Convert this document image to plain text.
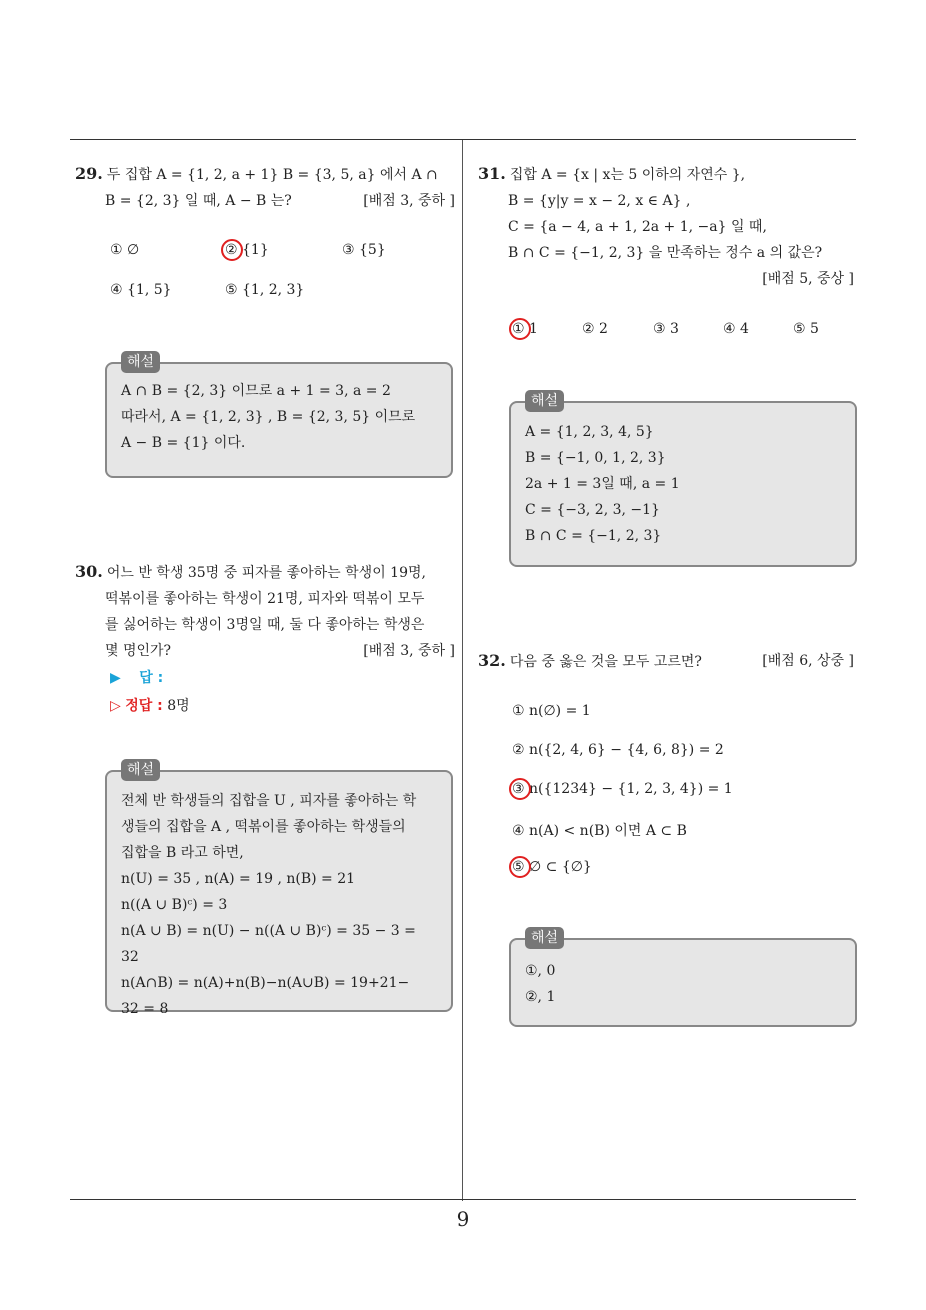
9
29. 두 집합 A = {1, 2, a + 1} B = {3, 5, a} 에서 A ∩
B = {2, 3} 일 때, A − B 는?	[배점 3, 중하 ]
① ∅	② {1}	③ {5}
④ {1, 5}	⑤ {1, 2, 3}
해설
A ∩ B = {2, 3} 이므로 a + 1 = 3, a = 2
따라서, A = {1, 2, 3} , B = {2, 3, 5} 이므로
A − B = {1} 이다.
30. 어느 반 학생 35명 중 피자를 좋아하는 학생이 19명,
떡볶이를 좋아하는 학생이 21명, 피자와 떡볶이 모두
를 싫어하는 학생이 3명일 때, 둘 다 좋아하는 학생은
몇 명인가?	[배점 3, 중하 ]
▶ 답 :
▷ 정답 : 8명
해설
전체 반 학생들의 집합을 U , 피자를 좋아하는 학
생들의 집합을 A , 떡볶이를 좋아하는 학생들의
집합을 B 라고 하면,
n(U) = 35 , n(A) = 19 , n(B) = 21
n((A ∪ B)ᶜ) = 3
n(A ∪ B) = n(U) − n((A ∪ B)ᶜ) = 35 − 3 = 32
n(A∩B) = n(A)+n(B)−n(A∪B) = 19+21−
32 = 8
31. 집합 A = {x | x는 5 이하의 자연수 },
B = {y|y = x − 2, x ∈ A} ,
C = {a − 4, a + 1, 2a + 1, −a} 일 때,
B ∩ C = {−1, 2, 3} 을 만족하는 정수 a 의 값은?
[배점 5, 중상 ]
① 1	② 2	③ 3	④ 4	⑤ 5
해설
A = {1, 2, 3, 4, 5}
B = {−1, 0, 1, 2, 3}
2a + 1 = 3일 때, a = 1
C = {−3, 2, 3, −1}
B ∩ C = {−1, 2, 3}
32. 다음 중 옳은 것을 모두 고르면?	[배점 6, 상중 ]
① n(∅) = 1
② n({2, 4, 6} − {4, 6, 8}) = 2
③ n({1234} − {1, 2, 3, 4}) = 1
④ n(A) < n(B) 이면 A ⊂ B
⑤ ∅ ⊂ {∅}
해설
①, 0
②, 1
